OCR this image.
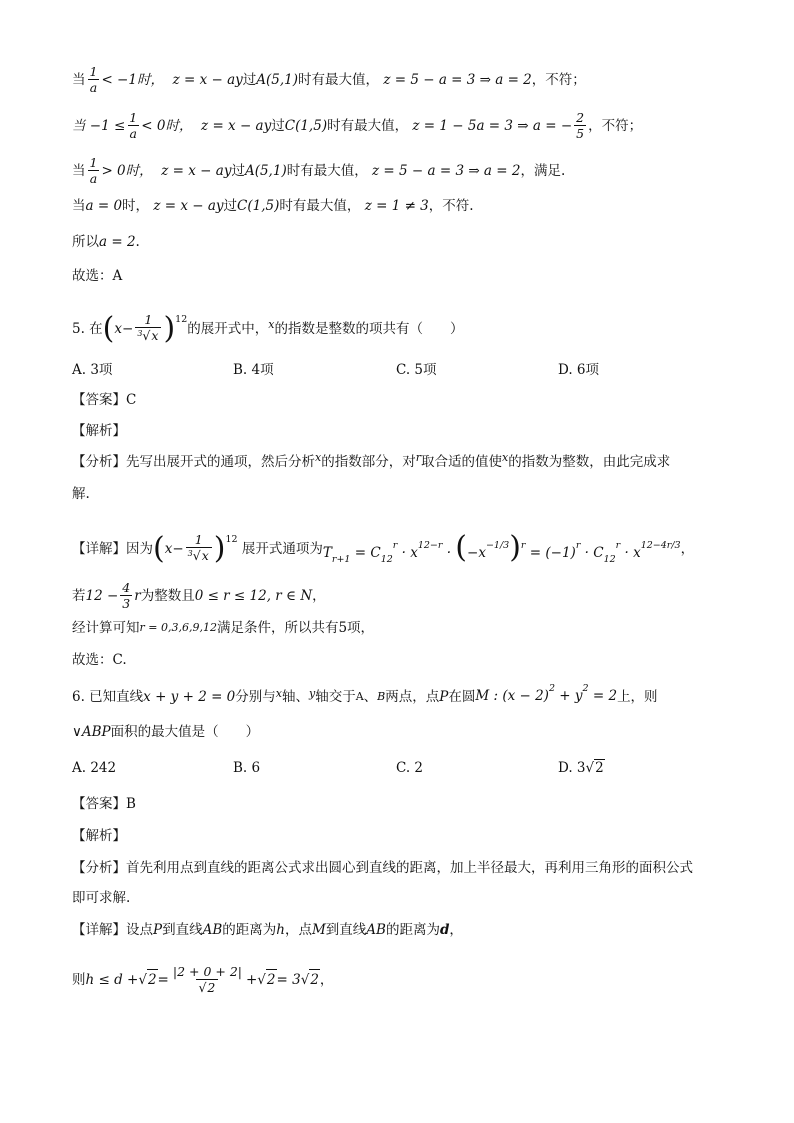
当 $\frac{1}{a} < -1$时，
z = x − ay 过 A(5,1) 时有最大值，
z = 5 − a = 3 ⇒ a = 2 ，不符；
当 $-1 \le \frac{1}{a} < 0$时，
z = x − ay 过 C(1,5) 时有最大值，
z = 1 − 5a = 3 ⇒ a = − $\frac{2}{5}$ ，不符；
当 $\frac{1}{a} > 0$时，
z = x − ay 过 A(5,1) 时有最大值，
z = 5 − a = 3 ⇒ a = 2 ，满足.
当 a = 0 时，
z = x − ay 过 C(1,5) 时有最大值，
z = 1 ≠ 3 ，不符.
所以 a = 2 .
故选：A
5. 在 ( $x - \frac{1}{^3√x}$ ) 12
的展开式中， x 的指数是整数的项共有（　　）
A. 3项	B. 4项	C. 5项	D. 6项
【答案】 C
【解析】
【分析】 先写出展开式的通项，然后分析 x 的指数部分，对 r 取合适的值使 x 的指数为整数，由此完成求
解.
【详解】 因为 ( $x - \frac{1}{^3√x}$ ) 12

展开式通项为 $T_{r+1} = C_{12}^r \cdot x^{12-r} \cdot (-x^{-1/3})^r = (-1)^r \cdot C_{12}^r \cdot x^{12-4r/3}$ ，
若 $12 - \frac{4}{3}$ r 为整数且 0 ≤ r ≤ 12, r ∈ N ，
经计算可知 r = 0,3,6,9,12 满足条件，所以共有5项，
故选：C.
6. 已知直线 x + y + 2 = 0 分别与 x 轴、 y 轴交于 A 、 B 两点，点 P 在圆 M : $(x - 2)^2 + y^2 = 2$ 上，则
∨ABP 面积的最大值是（　　）
A. 242	B. 6	C. 2	D. 3√2
【答案】 B
【解析】
【分析】 首先利用点到直线的距离公式求出圆心到直线的距离，加上半径最大，再利用三角形的面积公式
即可求解.
【详解】 设点 P 到直线 AB 的距离为 h ，点 M 到直线 AB 的距离为 d ，
则 h ≤ d + √ $2 = \frac{|2 + 0 + 2|}{√2}$ + √ 2 = 3 √ 2 ，
